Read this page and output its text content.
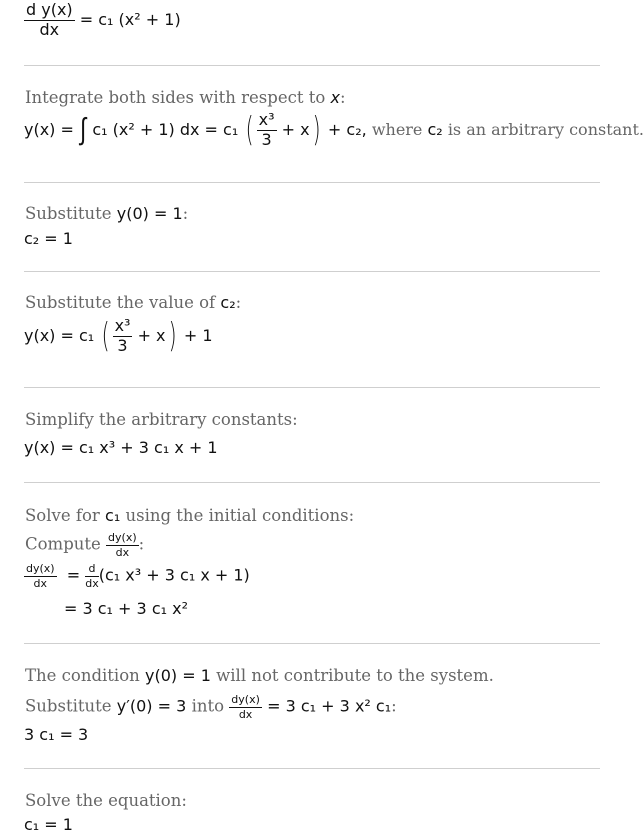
$\frac{\text{d y(x)}}{dx} = c_1$ (x² + 1)
Integrate both sides with respect to x:
y(x) = ∫ c₁ (x² + 1) dx = c₁ ( $\frac{\text{x³}}{3} + x) + c_2$, where c₂ is an arbitrary constant.
Substitute y(0) = 1:
c₂ = 1
Substitute the value of c₂:
y(x) = c₁ ( $\frac{\text{x³}}{3} + x) + 1$
Simplify the arbitrary constants:
y(x) = c₁ x³ + 3 c₁ x + 1
Solve for c₁ using the initial conditions:
Compute $\frac{dy(x)}{dx}$ :
$\frac{dy(x)}{dx} = \frac{d}{dx} (c_1$ x³ + 3 c₁ x + 1)
= 3 c₁ + 3 c₁ x²
The condition y(0) = 1 will not contribute to the system.
Substitute y′(0) = 3 into $\frac{dy(x)}{dx} = 3$ c₁ + 3 x² c₁:
3 c₁ = 3
Solve the equation:
c₁ = 1
